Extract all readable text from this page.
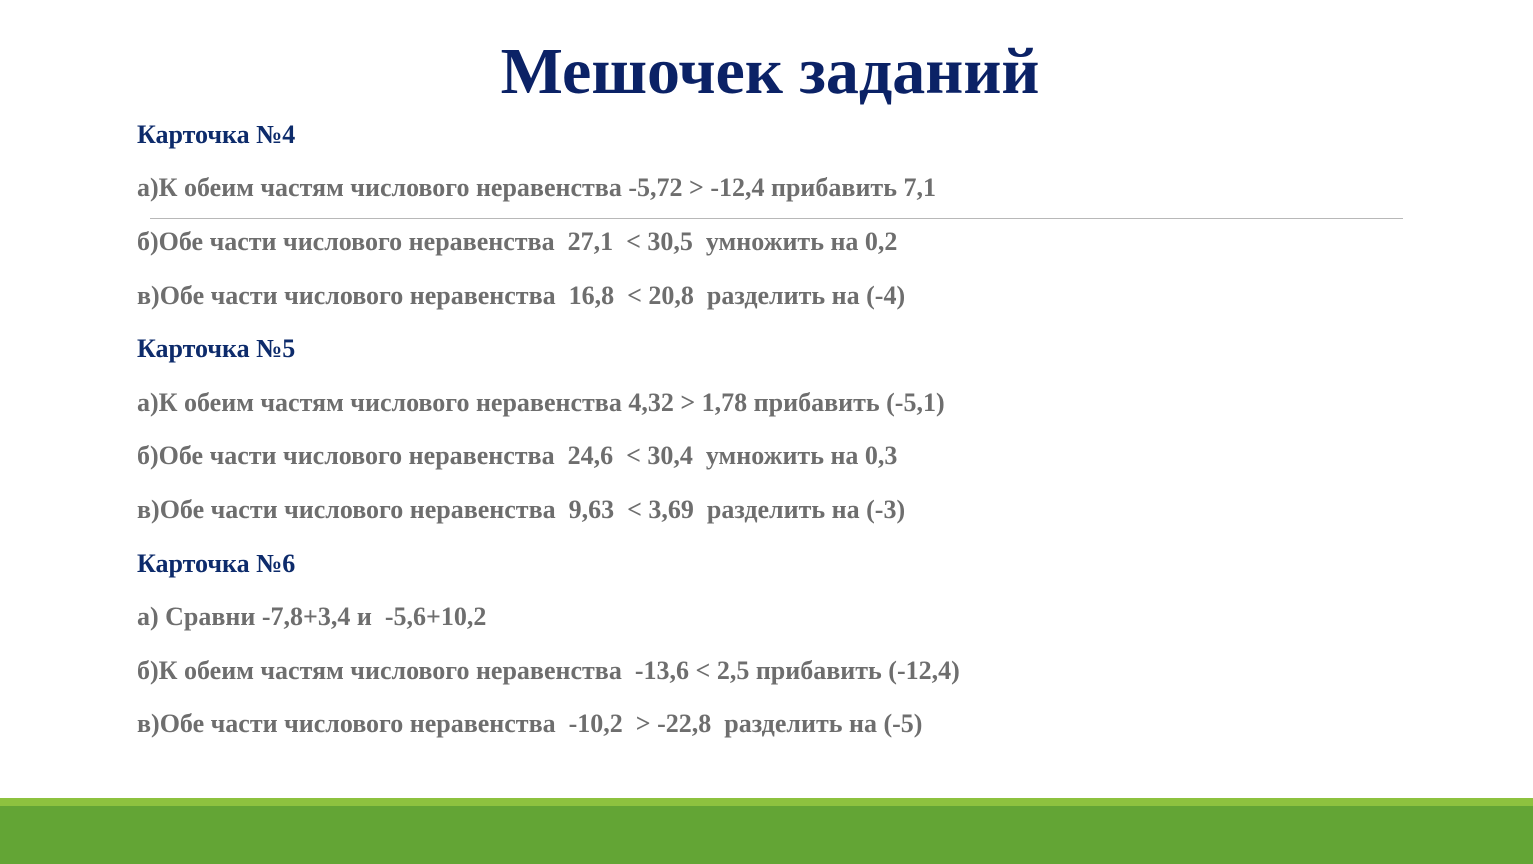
Мешочек заданий
Карточка №4
а)К обеим частям числового неравенства -5,72 > -12,4 прибавить 7,1
б)Обе части числового неравенства  27,1  < 30,5  умножить на 0,2
в)Обе части числового неравенства  16,8  < 20,8  разделить на (-4)
Карточка №5
а)К обеим частям числового неравенства 4,32 > 1,78 прибавить (-5,1)
б)Обе части числового неравенства  24,6  < 30,4  умножить на 0,3
в)Обе части числового неравенства  9,63  < 3,69  разделить на (-3)
Карточка №6
а) Сравни -7,8+3,4 и  -5,6+10,2
б)К обеим частям числового неравенства  -13,6 < 2,5 прибавить (-12,4)
в)Обе части числового неравенства  -10,2  > -22,8  разделить на (-5)
